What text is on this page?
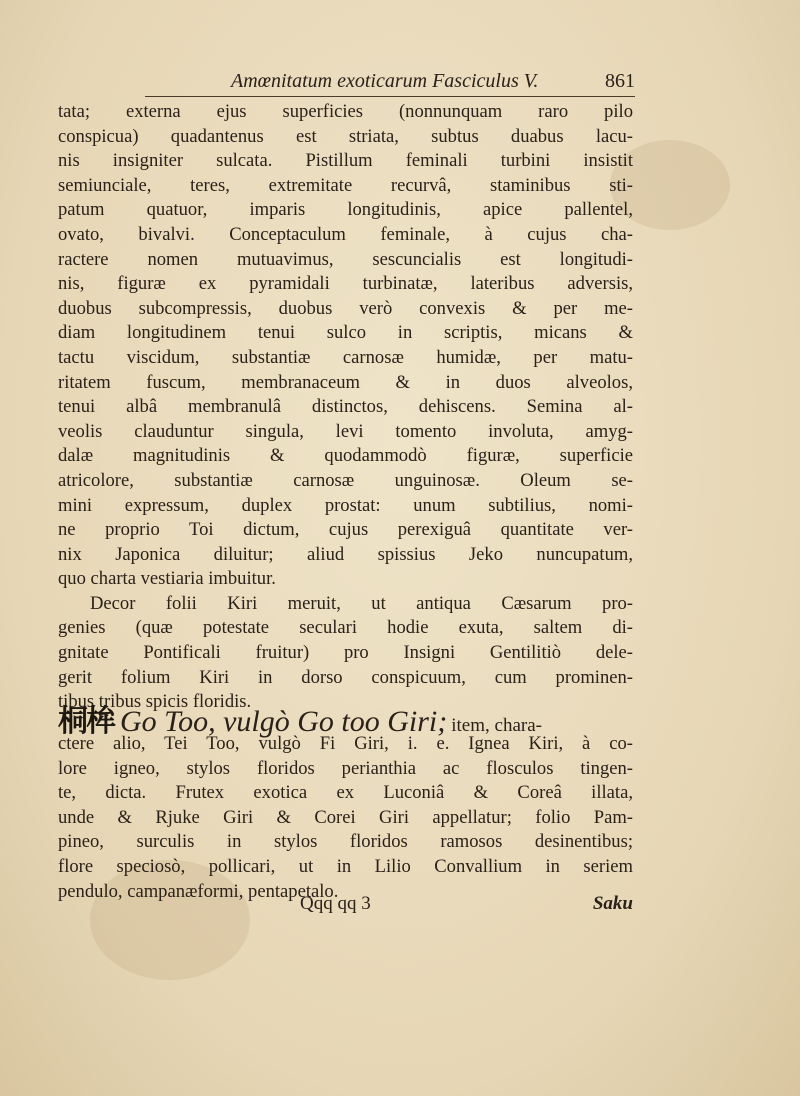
Amœnitatum exoticarum Fasciculus V.	861
tata; externa ejus superficies (nonnunquam raro pilo
conspicua) quadantenus est striata, subtus duabus lacu-
nis insigniter sulcata. Pistillum feminali turbini insistit
semiunciale, teres, extremitate recurvâ, staminibus sti-
patum quatuor, imparis longitudinis, apice pallentel,
ovato, bivalvi. Conceptaculum feminale, à cujus cha-
ractere nomen mutuavimus, sescuncialis est longitudi-
nis, figuræ ex pyramidali turbinatæ, lateribus adversis,
duobus subcompressis, duobus verò convexis & per me-
diam longitudinem tenui sulco in scriptis, micans &
tactu viscidum, substantiæ carnosæ humidæ, per matu-
ritatem fuscum, membranaceum & in duos alveolos,
tenui albâ membranulâ distinctos, dehiscens. Semina al-
veolis clauduntur singula, levi tomento involuta, amyg-
dalæ magnitudinis & quodammodò figuræ, superficie
atricolore, substantiæ carnosæ unguinosæ. Oleum se-
mini expressum, duplex prostat: unum subtilius, nomi-
ne proprio Toi dictum, cujus perexiguâ quantitate ver-
nix Japonica diluitur; aliud spissius Jeko nuncupatum,
quo charta vestiaria imbuitur.
Decor folii Kiri meruit, ut antiqua Cæsarum pro-
genies (quæ potestate seculari hodie exuta, saltem di-
gnitate Pontificali fruitur) pro Insigni Gentilitiò dele-
gerit folium Kiri in dorso conspicuum, cum prominen-
tibus tribus spicis floridis.
桐桙 Go Too, vulgò Go too Giri; item, chara-
ctere alio, Tei Too, vulgò Fi Giri, i. e. Ignea Kiri, à co-
lore igneo, stylos floridos perianthia ac flosculos tingen-
te, dicta. Frutex exotica ex Luconiâ & Coreâ illata,
unde & Rjuke Giri & Corei Giri appellatur; folio Pam-
pineo, surculis in stylos floridos ramosos desinentibus;
flore speciosò, pollicari, ut in Lilio Convallium in seriem
pendulo, campanæformi, pentapetalo.
Qqq qq 3	Saku
